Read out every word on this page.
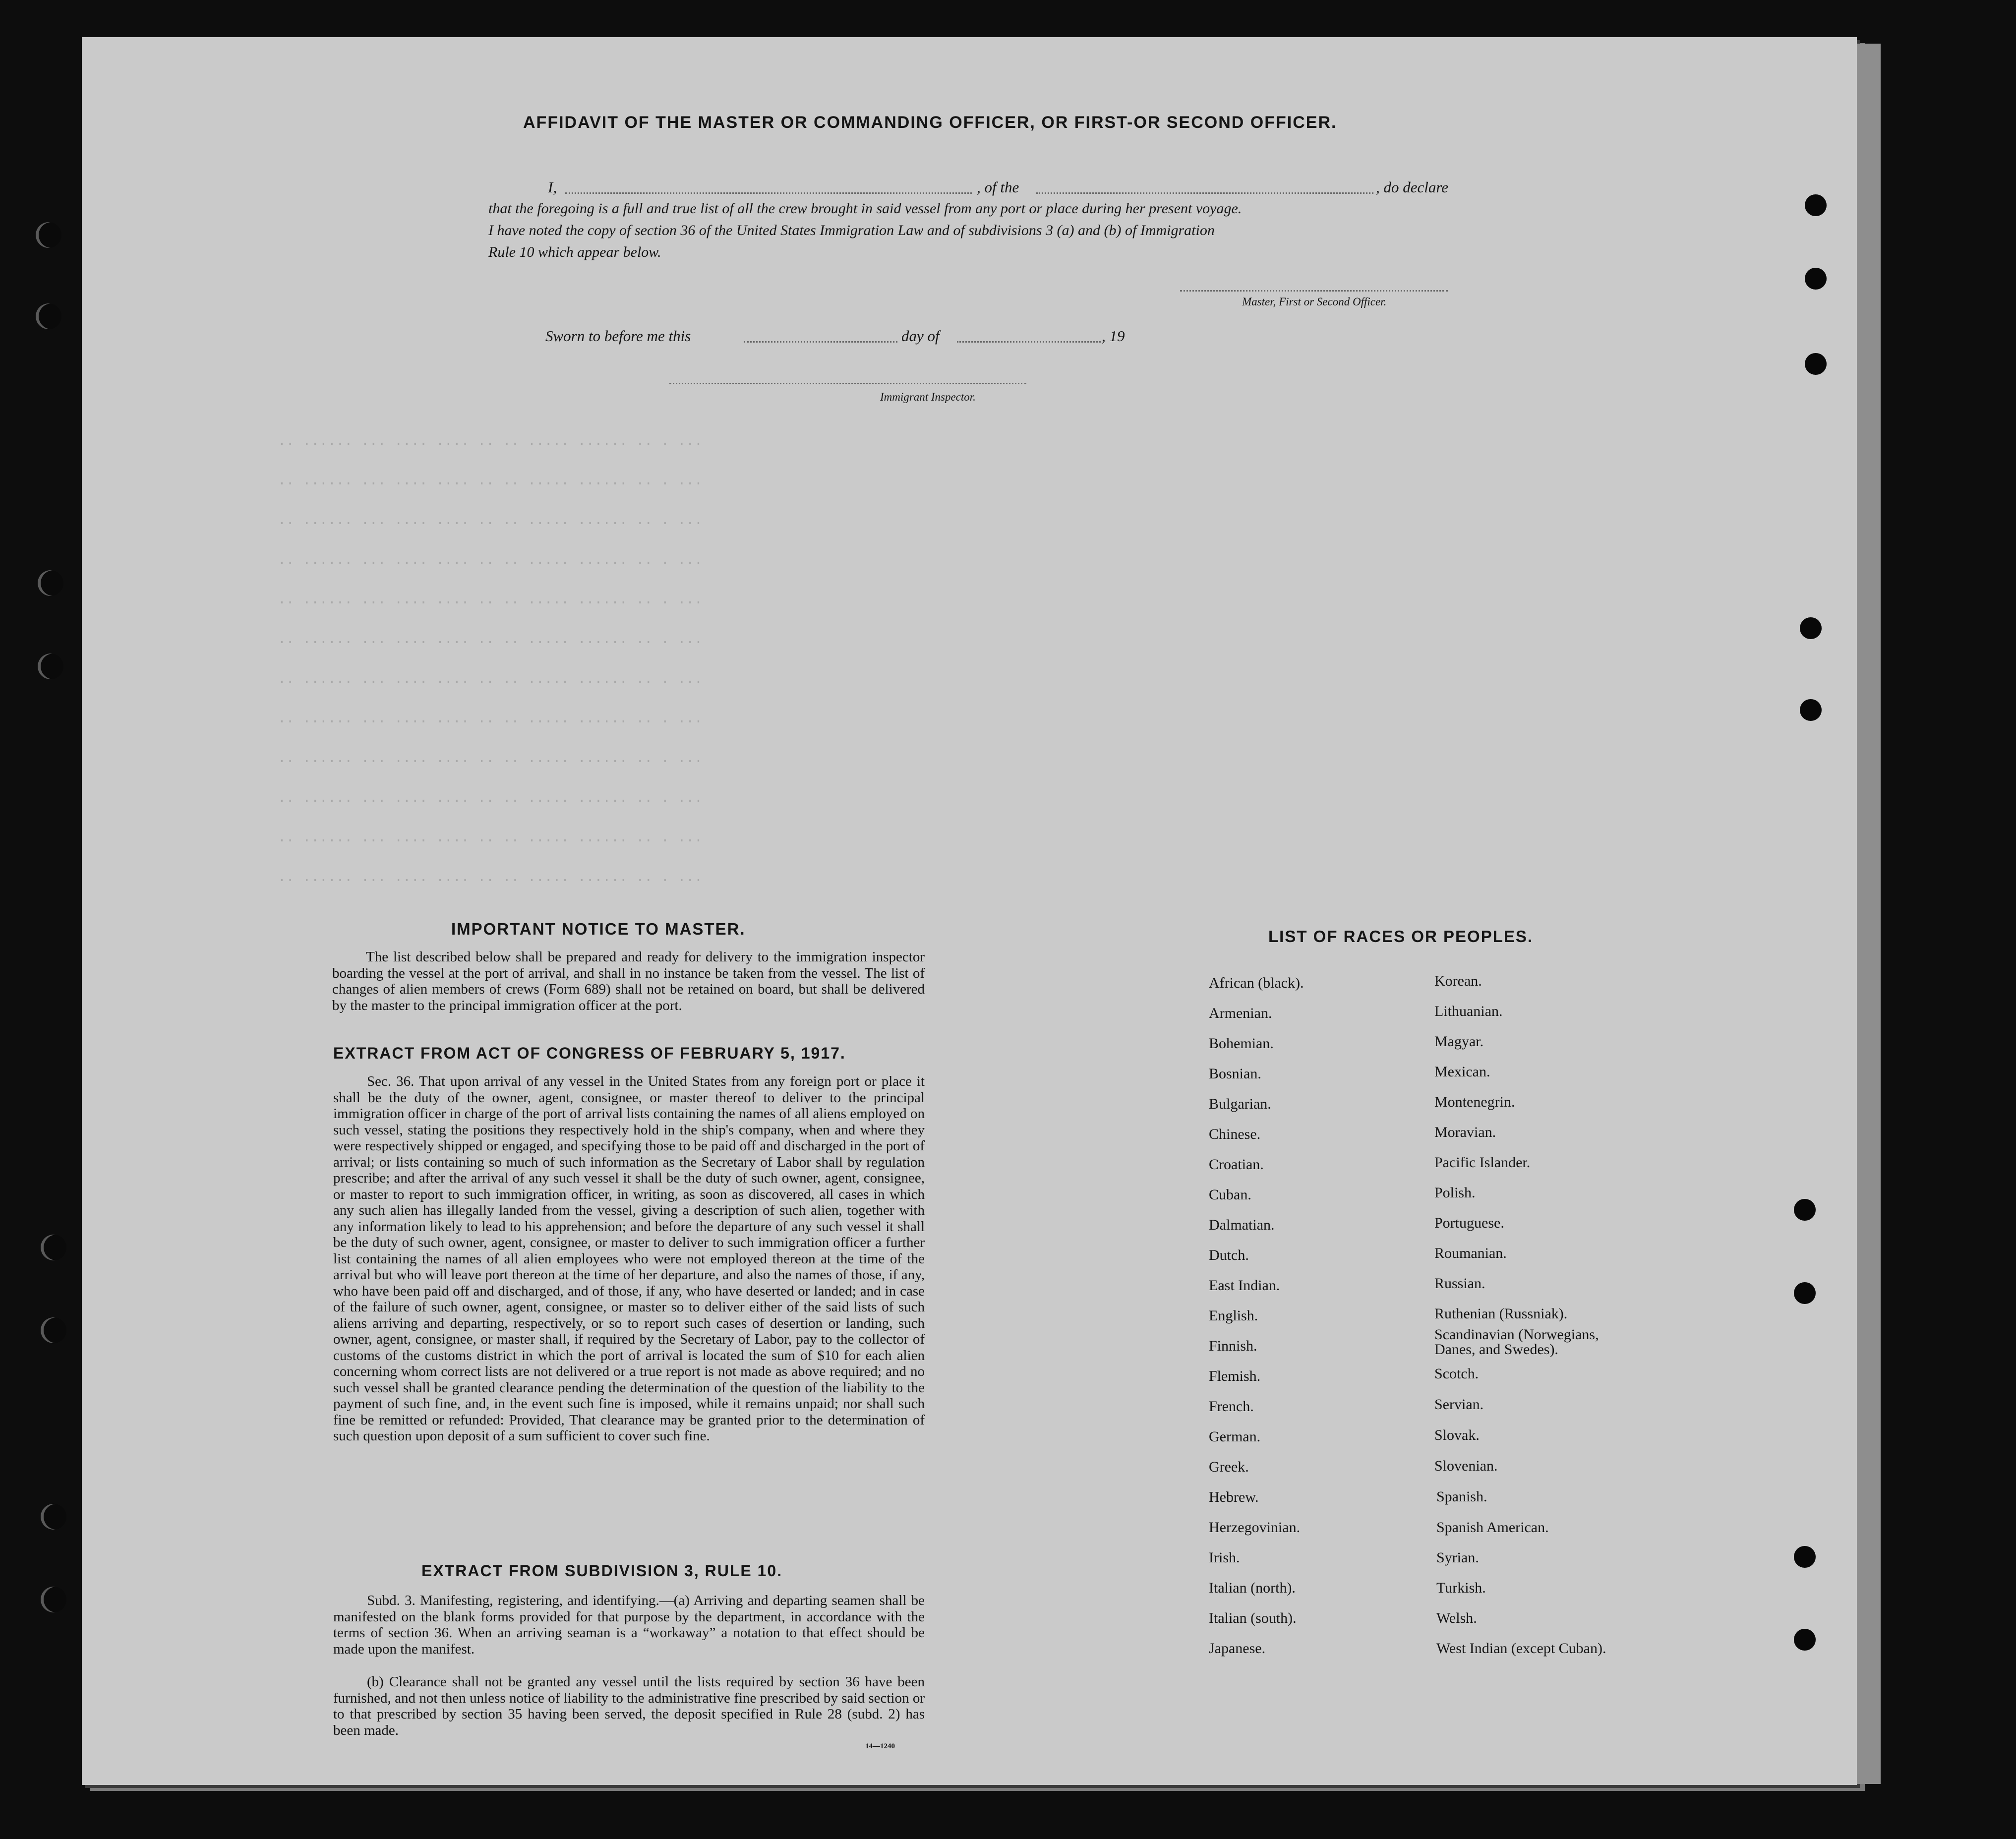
.. ...... ... .... .... .. .. ..... ...... .. . ...
.. ...... ... .... .... .. .. ..... ...... .. . ...
.. ...... ... .... .... .. .. ..... ...... .. . ...
.. ...... ... .... .... .. .. ..... ...... .. . ...
.. ...... ... .... .... .. .. ..... ...... .. . ...
.. ...... ... .... .... .. .. ..... ...... .. . ...
.. ...... ... .... .... .. .. ..... ...... .. . ...
.. ...... ... .... .... .. .. ..... ...... .. . ...
.. ...... ... .... .... .. .. ..... ...... .. . ...
.. ...... ... .... .... .. .. ..... ...... .. . ...
.. ...... ... .... .... .. .. ..... ...... .. . ...
.. ...... ... .... .... .. .. ..... ...... .. . ...
AFFIDAVIT OF THE MASTER OR COMMANDING OFFICER, OR FIRST-OR SECOND OFFICER.
I,	, of the	, do declare
that the foregoing is a full and true list of all the crew brought in said vessel from any port or place during her present voyage.
I have noted the copy of section 36 of the United States Immigration Law and of subdivisions 3 (a) and (b) of Immigration
Rule 10 which appear below.
Master, First or Second Officer.
Sworn to before me this	day of	, 19
Immigrant Inspector.
IMPORTANT NOTICE TO MASTER.
The list described below shall be prepared and ready for delivery to the immigration inspector boarding the vessel at the port of arrival, and shall in no instance be taken from the vessel. The list of changes of alien members of crews (Form 689) shall not be retained on board, but shall be delivered by the master to the principal immigration officer at the port.
EXTRACT FROM ACT OF CONGRESS OF FEBRUARY 5, 1917.
Sec. 36. That upon arrival of any vessel in the United States from any foreign port or place it shall be the duty of the owner, agent, consignee, or master thereof to deliver to the principal immigration officer in charge of the port of arrival lists containing the names of all aliens employed on such vessel, stating the positions they respectively hold in the ship's company, when and where they were respectively shipped or engaged, and specifying those to be paid off and discharged in the port of arrival; or lists containing so much of such information as the Secretary of Labor shall by regulation prescribe; and after the arrival of any such vessel it shall be the duty of such owner, agent, consignee, or master to report to such immigration officer, in writing, as soon as discovered, all cases in which any such alien has illegally landed from the vessel, giving a description of such alien, together with any information likely to lead to his apprehension; and before the departure of any such vessel it shall be the duty of such owner, agent, consignee, or master to deliver to such immigration officer a further list containing the names of all alien employees who were not employed thereon at the time of the arrival but who will leave port thereon at the time of her departure, and also the names of those, if any, who have been paid off and discharged, and of those, if any, who have deserted or landed; and in case of the failure of such owner, agent, consignee, or master so to deliver either of the said lists of such aliens arriving and departing, respectively, or so to report such cases of desertion or landing, such owner, agent, consignee, or master shall, if required by the Secretary of Labor, pay to the collector of customs of the customs district in which the port of arrival is located the sum of $10 for each alien concerning whom correct lists are not delivered or a true report is not made as above required; and no such vessel shall be granted clearance pending the determination of the question of the liability to the payment of such fine, and, in the event such fine is imposed, while it remains unpaid; nor shall such fine be remitted or refunded: Provided, That clearance may be granted prior to the determination of such question upon deposit of a sum sufficient to cover such fine.
EXTRACT FROM SUBDIVISION 3, RULE 10.
Subd. 3. Manifesting, registering, and identifying.—(a) Arriving and departing seamen shall be manifested on the blank forms provided for that purpose by the department, in accordance with the terms of section 36. When an arriving seaman is a “workaway” a notation to that effect should be made upon the manifest.
(b) Clearance shall not be granted any vessel until the lists required by section 36 have been furnished, and not then unless notice of liability to the administrative fine prescribed by said section or to that prescribed by section 35 having been served, the deposit specified in Rule 28 (subd. 2) has been made.
14—1240
LIST OF RACES OR PEOPLES.
African (black).
Armenian.
Bohemian.
Bosnian.
Bulgarian.
Chinese.
Croatian.
Cuban.
Dalmatian.
Dutch.
East Indian.
English.
Finnish.
Flemish.
French.
German.
Greek.
Hebrew.
Herzegovinian.
Irish.
Italian (north).
Italian (south).
Japanese.
Korean.
Lithuanian.
Magyar.
Mexican.
Montenegrin.
Moravian.
Pacific Islander.
Polish.
Portuguese.
Roumanian.
Russian.
Ruthenian (Russniak).
Scandinavian (Norwegians, Danes, and Swedes).
Scotch.
Servian.
Slovak.
Slovenian.
Spanish.
Spanish American.
Syrian.
Turkish.
Welsh.
West Indian (except Cuban).
